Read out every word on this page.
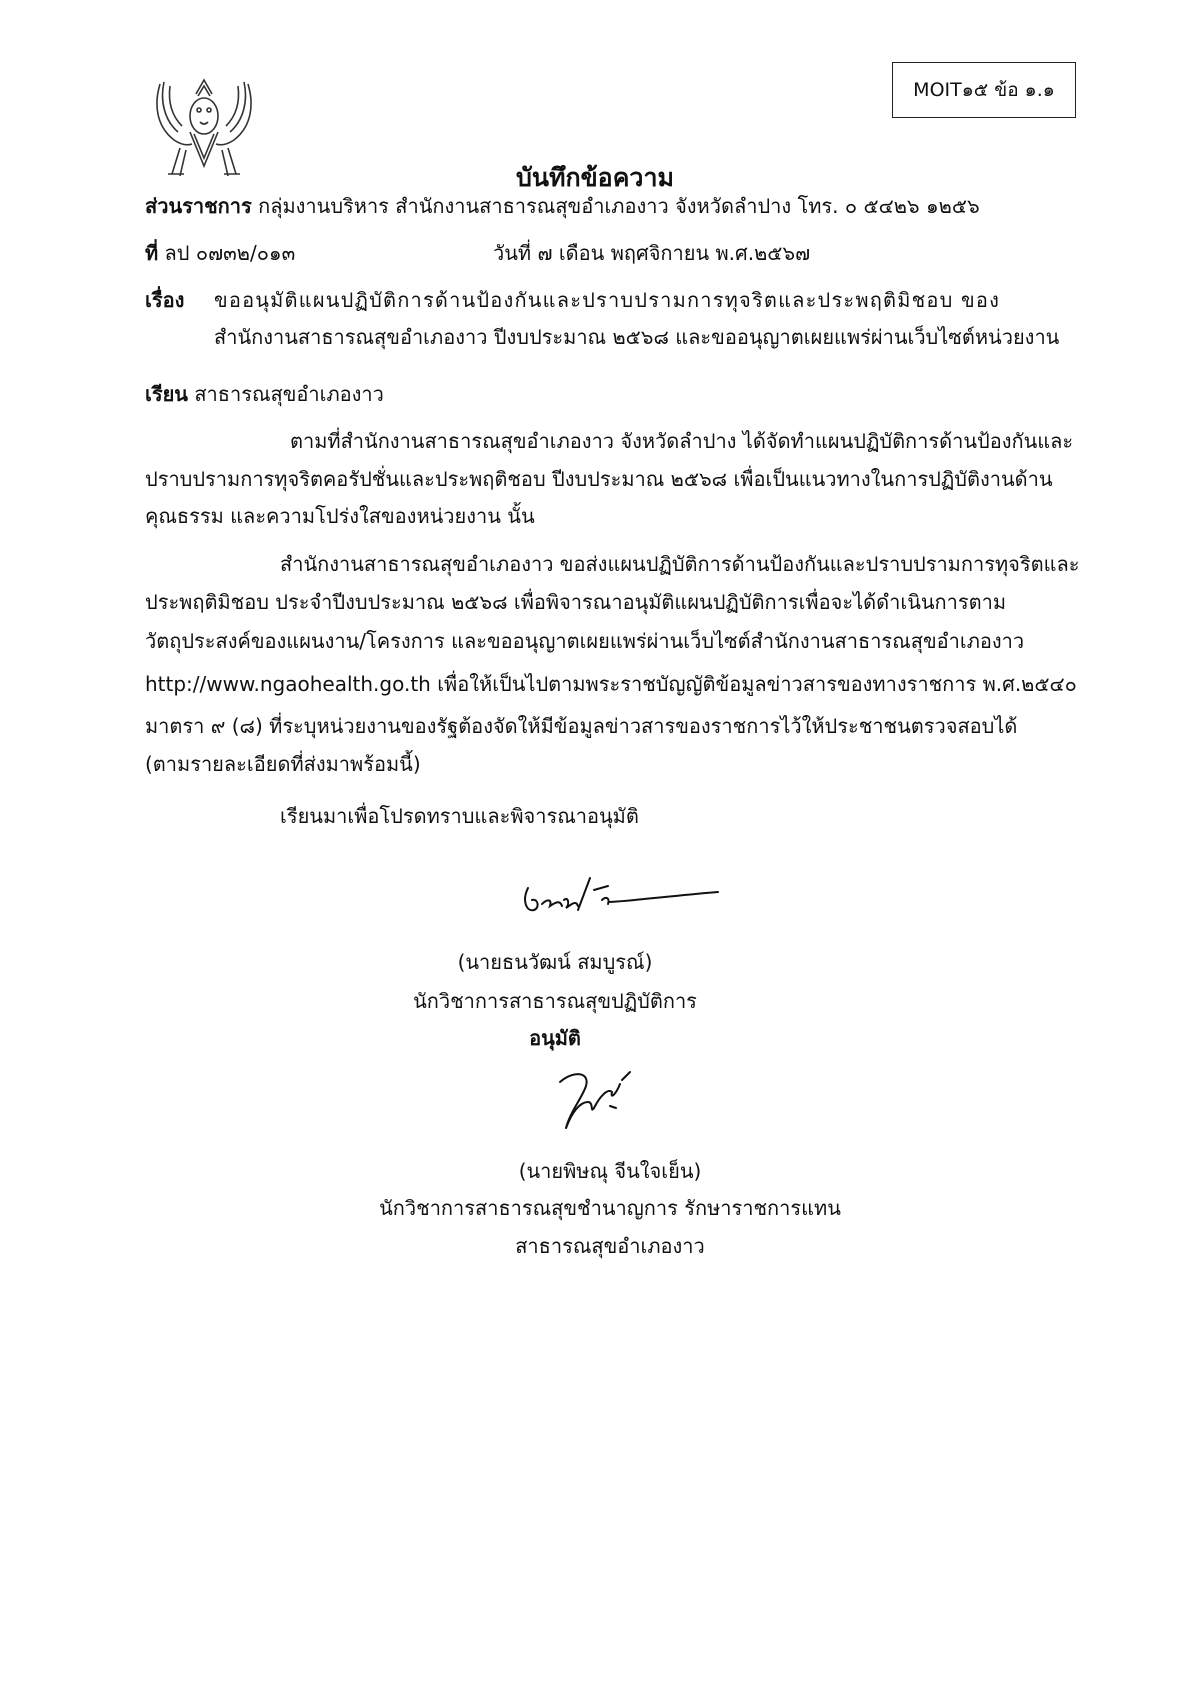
MOIT๑๕ ข้อ ๑.๑
บันทึกข้อความ
ส่วนราชการ กลุ่มงานบริหาร สำนักงานสาธารณสุขอำเภองาว จังหวัดลำปาง โทร. ๐ ๕๔๒๖ ๑๒๕๖
ที่ ลป ๐๗๓๒/๐๑๓	วันที่ ๗ เดือน พฤศจิกายน พ.ศ.๒๕๖๗
เรื่อง ขออนุมัติแผนปฏิบัติการด้านป้องกันและปราบปรามการทุจริตและประพฤติมิชอบ ของ
สำนักงานสาธารณสุขอำเภองาว ปีงบประมาณ ๒๕๖๘ และขออนุญาตเผยแพร่ผ่านเว็บไซต์หน่วยงาน
เรียน สาธารณสุขอำเภองาว
ตามที่สำนักงานสาธารณสุขอำเภองาว จังหวัดลำปาง ได้จัดทำแผนปฏิบัติการด้านป้องกันและ
ปราบปรามการทุจริตคอรัปชั่นและประพฤติชอบ ปีงบประมาณ ๒๕๖๘ เพื่อเป็นแนวทางในการปฏิบัติงานด้าน
คุณธรรม และความโปร่งใสของหน่วยงาน นั้น
สำนักงานสาธารณสุขอำเภองาว ขอส่งแผนปฏิบัติการด้านป้องกันและปราบปรามการทุจริตและ
ประพฤติมิชอบ ประจำปีงบประมาณ ๒๕๖๘ เพื่อพิจารณาอนุมัติแผนปฏิบัติการเพื่อจะได้ดำเนินการตาม
วัตถุประสงค์ของแผนงาน/โครงการ และขออนุญาตเผยแพร่ผ่านเว็บไซต์สำนักงานสาธารณสุขอำเภองาว
http://www.ngaohealth.go.th เพื่อให้เป็นไปตามพระราชบัญญัติข้อมูลข่าวสารของทางราชการ พ.ศ.๒๕๔๐
มาตรา ๙ (๘) ที่ระบุหน่วยงานของรัฐต้องจัดให้มีข้อมูลข่าวสารของราชการไว้ให้ประชาชนตรวจสอบได้
(ตามรายละเอียดที่ส่งมาพร้อมนี้)
เรียนมาเพื่อโปรดทราบและพิจารณาอนุมัติ
(นายธนวัฒน์ สมบูรณ์)
นักวิชาการสาธารณสุขปฏิบัติการ
อนุมัติ
(นายพิษณุ จีนใจเย็น)
นักวิชาการสาธารณสุขชำนาญการ รักษาราชการแทน
สาธารณสุขอำเภองาว
